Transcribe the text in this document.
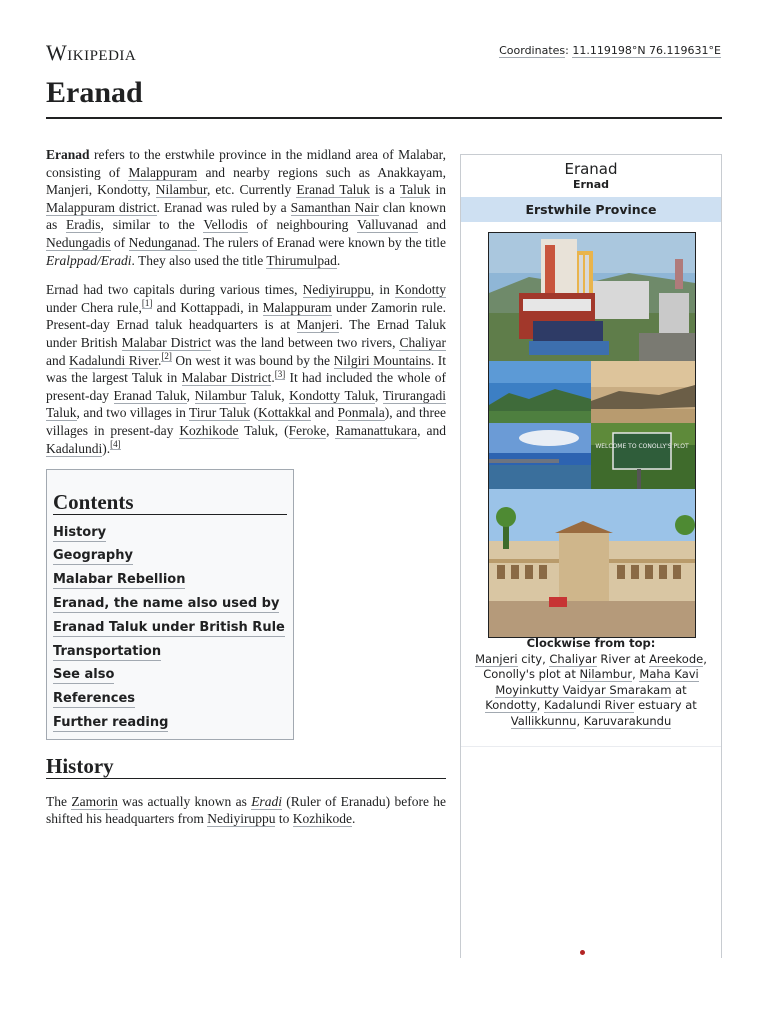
Wikipedia	Coordinates: 11.119198°N 76.119631°E
Eranad

Eranad refers to the erstwhile province in the midland area of Malabar, consisting of Malappuram and nearby regions such as Anakkayam, Manjeri, Kondotty, Nilambur, etc. Currently Eranad Taluk is a Taluk in Malappuram district. Eranad was ruled by a Samanthan Nair clan known as Eradis, similar to the Vellodis of neighbouring Valluvanad and Nedungadis of Nedunganad. The rulers of Eranad were known by the title Eralppad/Eradi. They also used the title Thirumulpad.

Ernad had two capitals during various times, Nediyiruppu, in Kondotty under Chera rule,[1] and Kottappadi, in Malappuram under Zamorin rule. Present-day Ernad taluk headquarters is at Manjeri. The Ernad Taluk under British Malabar District was the land between two rivers, Chaliyar and Kadalundi River.[2] On west it was bound by the Nilgiri Mountains. It was the largest Taluk in Malabar District.[3] It had included the whole of present-day Eranad Taluk, Nilambur Taluk, Kondotty Taluk, Tirurangadi Taluk, and two villages in Tirur Taluk (Kottakkal and Ponmala), and three villages in present-day Kozhikode Taluk, (Feroke, Ramanattukara, and Kadalundi).[4]

Contents
History
Geography
Malabar Rebellion
Eranad, the name also used by
Eranad Taluk under British Rule
Transportation
See also
References
Further reading
History

The Zamorin was actually known as Eradi (Ruler of Eranadu) before he shifted his headquarters from Nediyiruppu to Kozhikode.

Eranad
Ernad
Erstwhile Province
WELCOME TO CONOLLY'S PLOT
Clockwise from top:
Manjeri city, Chaliyar River at Areekode, Conolly's plot at Nilambur, Maha Kavi Moyinkutty Vaidyar Smarakam at Kondotty, Kadalundi River estuary at Vallikkunnu, Karuvarakundu
